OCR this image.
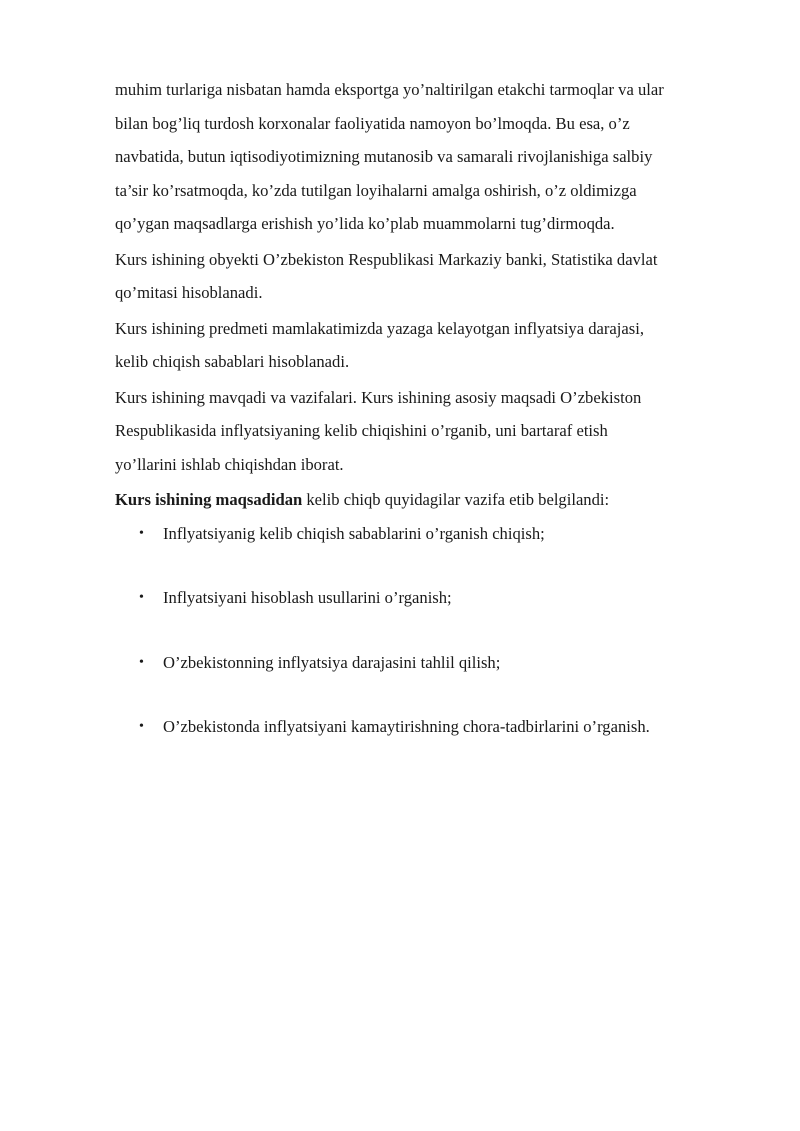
muhim turlariga nisbatan hamda eksportga yo’naltirilgan etakchi tarmoqlar va ular
bilan bog’liq turdosh korxonalar faoliyatida namoyon bo’lmoqda. Bu esa, o’z
navbatida, butun iqtisodiyotimizning mutanosib va samarali rivojlanishiga salbiy
ta’sir ko’rsatmoqda, ko’zda tutilgan loyihalarni amalga oshirish, o’z oldimizga
qo’ygan maqsadlarga erishish yo’lida ko’plab muammolarni tug’dirmoqda.

Kurs ishining obyekti O’zbekiston Respublikasi Markaziy banki, Statistika davlat
qo’mitasi hisoblanadi.

Kurs ishining predmeti mamlakatimizda yazaga kelayotgan inflyatsiya darajasi,
kelib chiqish sabablari hisoblanadi.

Kurs ishining mavqadi va vazifalari. Kurs ishining asosiy maqsadi O’zbekiston
Respublikasida inflyatsiyaning kelib chiqishini o’rganib, uni bartaraf etish
yo’llarini ishlab chiqishdan iborat.

Kurs ishining maqsadidan kelib chiqb quyidagilar vazifa etib belgilandi:

• Inflyatsiyanig kelib chiqish sabablarini o’rganish chiqish;
• Inflyatsiyani hisoblash usullarini o’rganish;
• O’zbekistonning inflyatsiya darajasini tahlil qilish;
• O’zbekistonda inflyatsiyani kamaytirishning chora-tadbirlarini o’rganish.
